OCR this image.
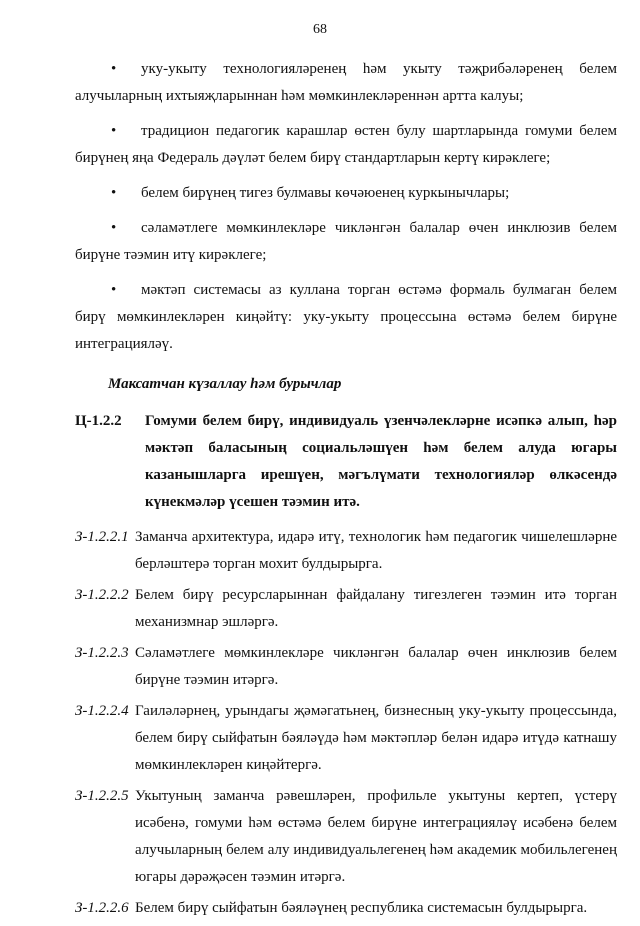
68
• уку-укыту технологияләренең һәм укыту тәҗрибәләренең белем
алучыларның ихтыяҗларыннан һәм мөмкинлекләреннән артта калуы;
• традицион педагогик карашлар өстен булу шартларында гомуми белем
бирүнең яңа Федераль дәүләт белем бирү стандартларын кертү кирәклеге;
• белем бирүнең тигез булмавы көчәюенең куркынычлары;
• сәламәтлеге мөмкинлекләре чикләнгән балалар өчен инклюзив белем
бирүне тәэмин итү кирәклеге;
• мәктәп системасы аз куллана торган өстәмә формаль булмаган белем
бирү мөмкинлекләрен киңәйтү: уку-укыту процессына өстәмә белем бирүне интеграцияләү.
Максатчан күзаллау һәм бурычлар
Ц-1.2.2	Гомуми белем бирү, индивидуаль үзенчәлекләрне исәпкә алып, һәр мәктәп баласының социальләшүен һәм белем алуда югары казанышларга ирешүен, мәгълүмати технологияләр өлкәсендә күнекмәләр үсешен тәэмин итә.
З-1.2.2.1 Заманча архитектура, идарә итү, технологик һәм педагогик чишелешләрне берләштерә торган мохит булдырырга.
З-1.2.2.2 Белем бирү ресурсларыннан файдалану тигезлеген тәэмин итә торган механизмнар эшләргә.
З-1.2.2.3 Сәламәтлеге мөмкинлекләре чикләнгән балалар өчен инклюзив белем бирүне тәэмин итәргә.
З-1.2.2.4 Гаиләләрнең, урындагы җәмәгатьнең, бизнесның уку-укыту процессында, белем бирү сыйфатын бәяләүдә һәм мәктәпләр белән идарә итүдә катнашу мөмкинлекләрен киңәйтергә.
З-1.2.2.5 Укытуның заманча рәвешләрен, профильле укытуны кертеп, үстерү исәбенә, гомуми һәм өстәмә белем бирүне интеграцияләү исәбенә белем алучыларның белем алу индивидуальлегенең һәм академик мобильлегенең югары дәрәҗәсен тәэмин итәргә.
З-1.2.2.6 Белем бирү сыйфатын бәяләүнең республика системасын булдырырга.
